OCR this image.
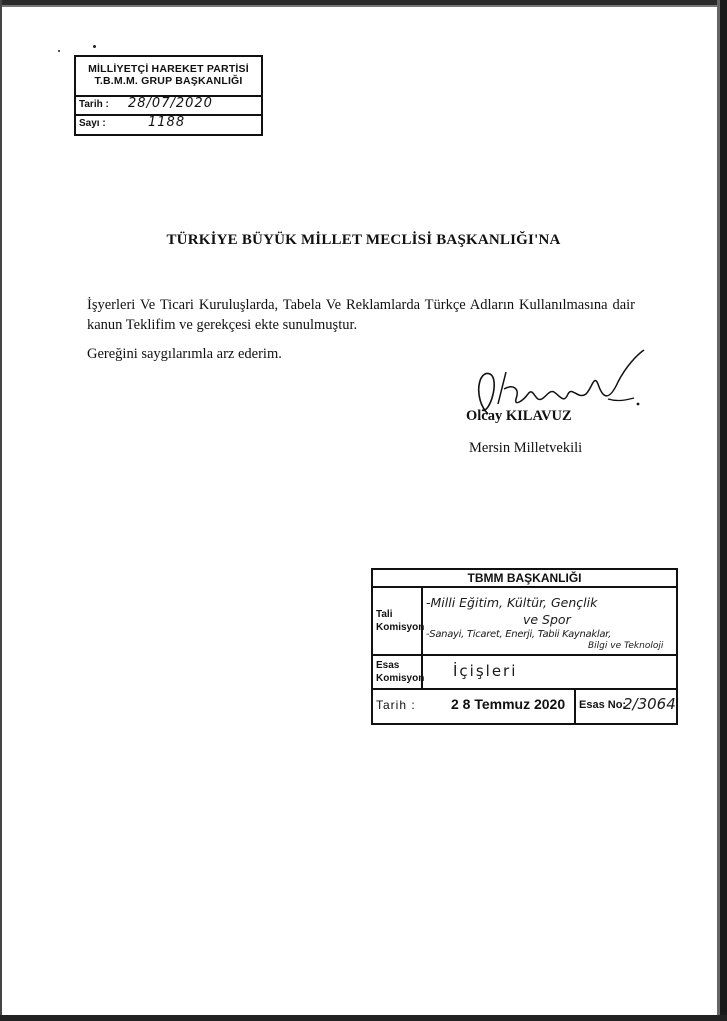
MİLLİYETÇİ HAREKET PARTİSİ
T.B.M.M. GRUP BAŞKANLIĞI
Tarih : 28/07/2020
Sayı :	1188
TÜRKİYE BÜYÜK MİLLET MECLİSİ BAŞKANLIĞI'NA

İşyerleri Ve Ticari Kuruluşlarda, Tabela Ve Reklamlarda Türkçe Adların Kullanılmasına dair kanun Teklifim ve gerekçesi ekte sunulmuştur.

Gereğini saygılarımla arz ederim.

Olcay KILAVUZ
Mersin Milletvekili
TBMM BAŞKANLIĞI
Tali
Komisyon
-Milli Eğitim, Kültür, Gençlik
ve Spor
-Sanayi, Ticaret, Enerji, Tabii Kaynaklar,
Bilgi ve Teknoloji
Esas
Komisyon İçişleri
Tarih :	2 8 Temmuz 2020 Esas No:
2/3064
